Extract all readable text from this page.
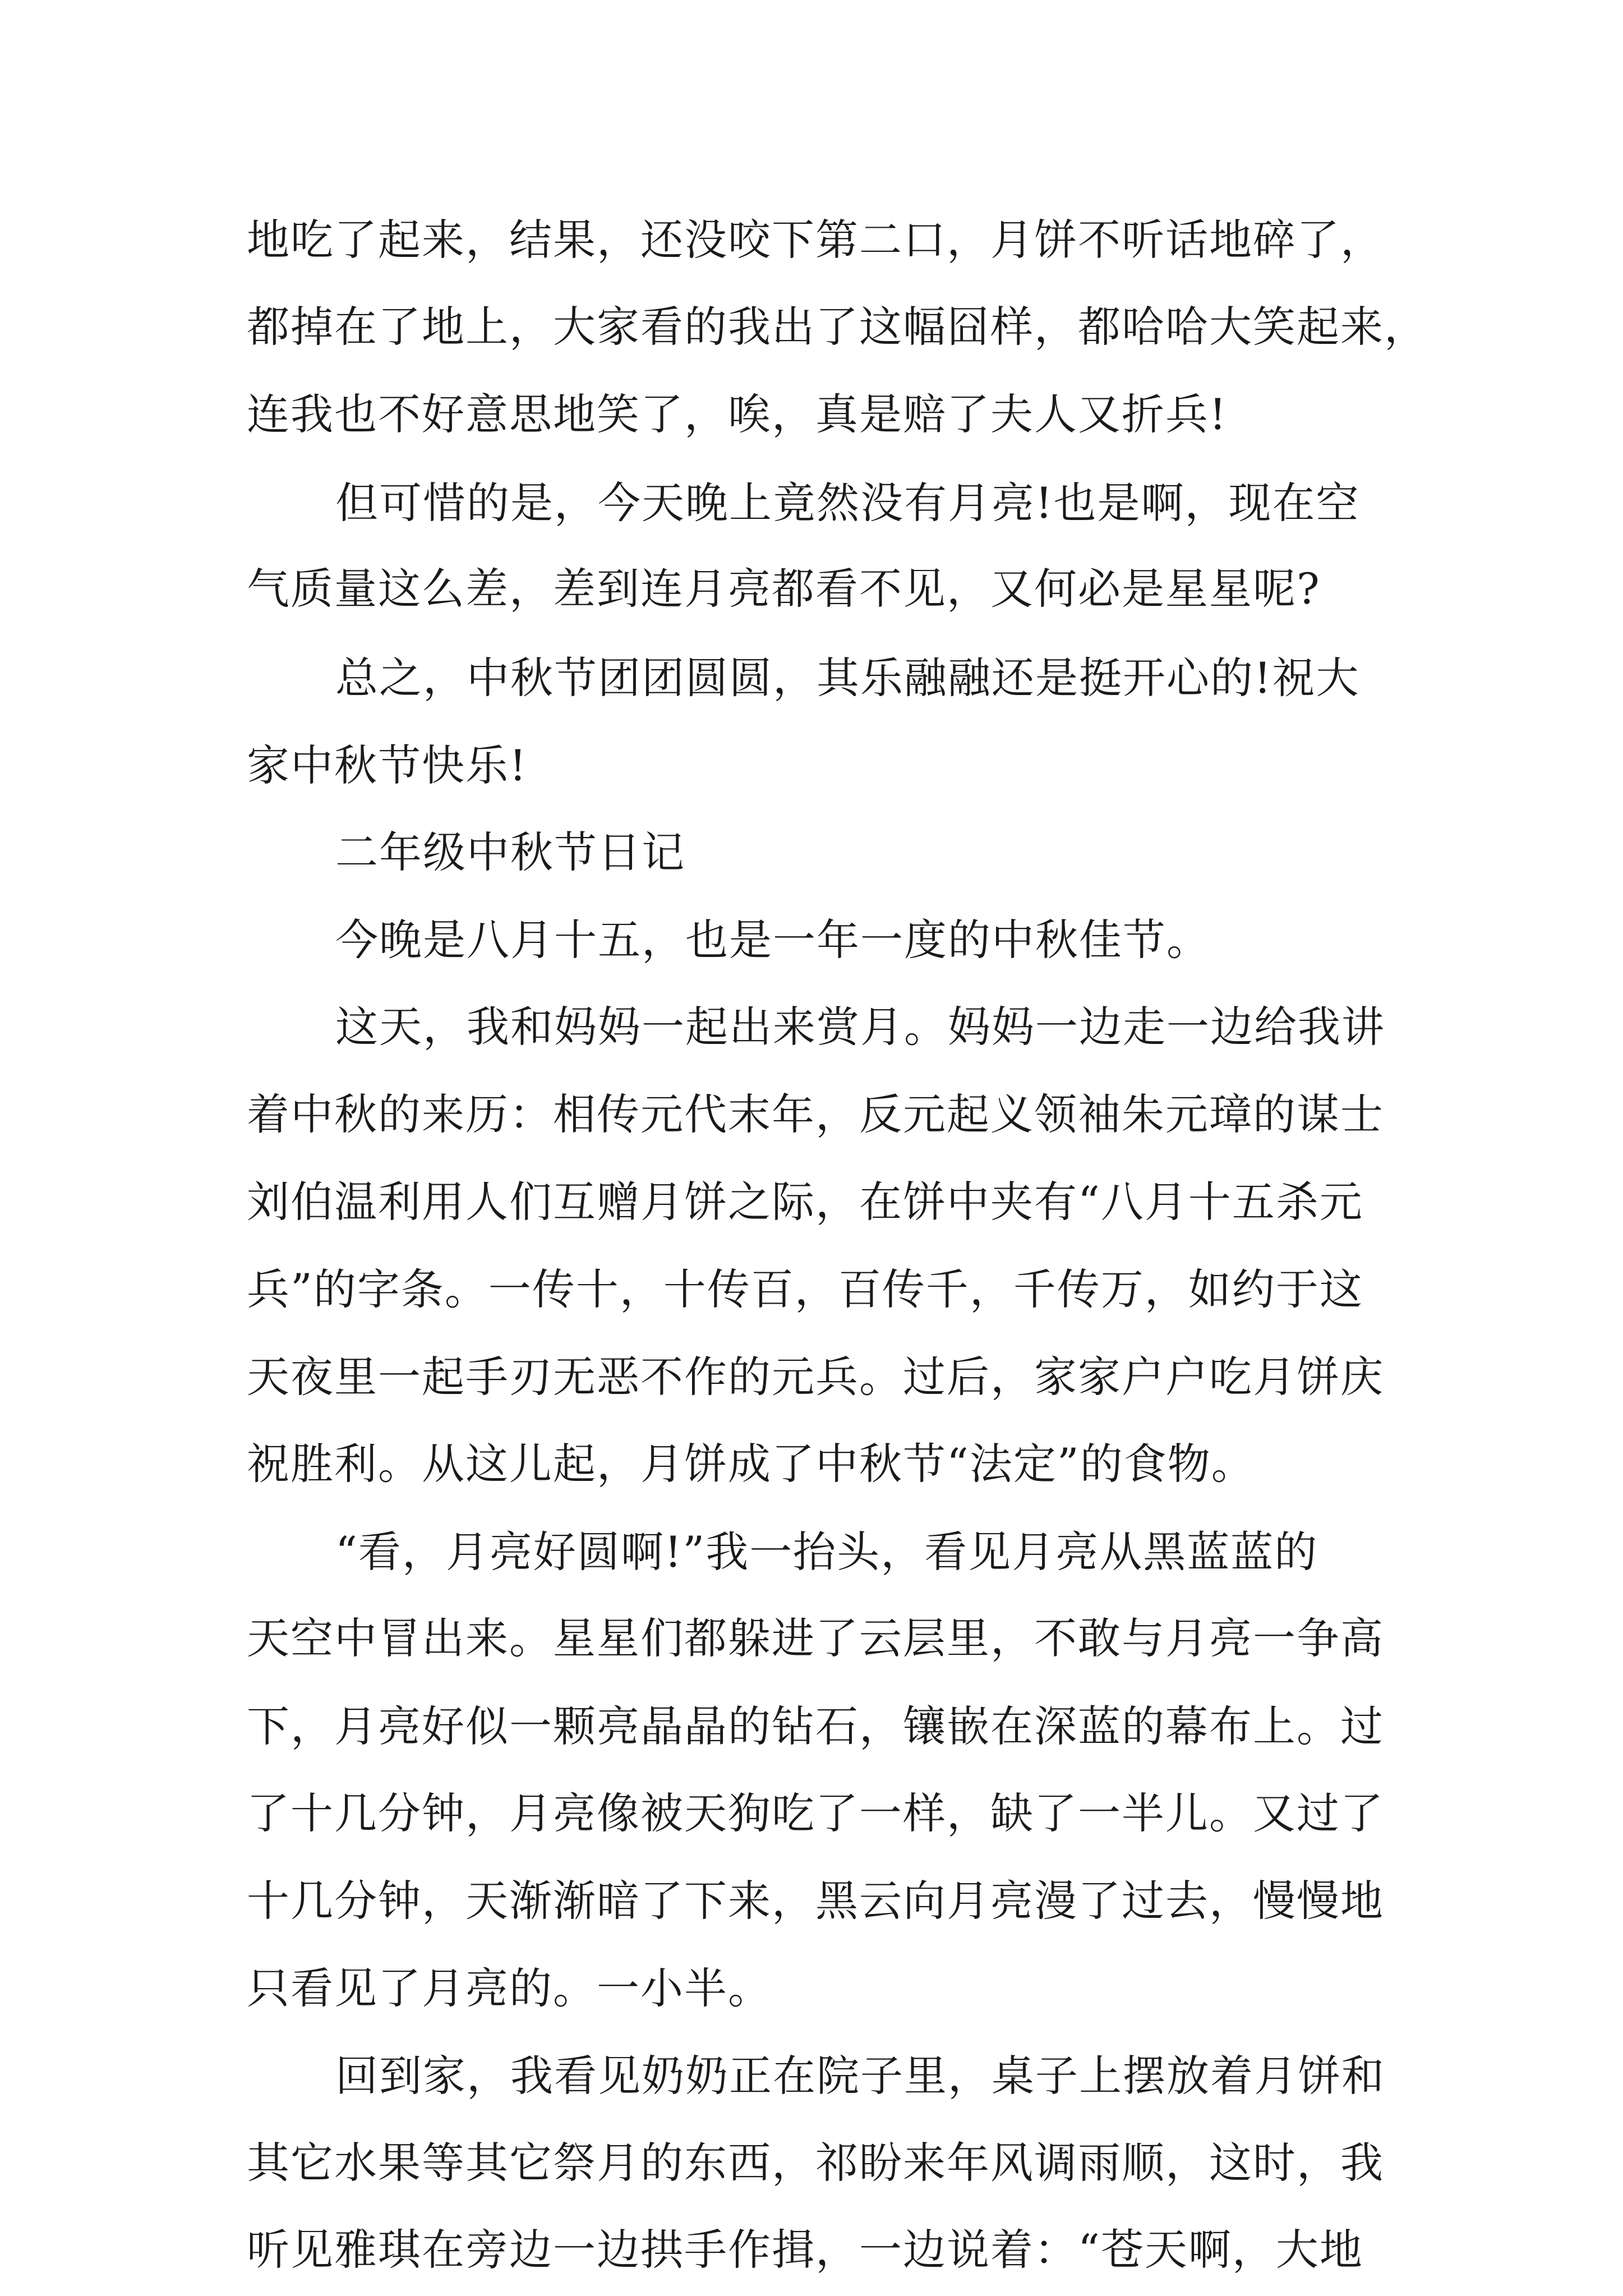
地吃了起来，结果，还没咬下第二口，月饼不听话地碎了，
都掉在了地上，大家看的我出了这幅囧样，都哈哈大笑起来，
连我也不好意思地笑了，唉，真是赔了夫人又折兵!
但可惜的是，今天晚上竟然没有月亮!也是啊，现在空
气质量这么差，差到连月亮都看不见，又何必是星星呢?
总之，中秋节团团圆圆，其乐融融还是挺开心的!祝大
家中秋节快乐!
二年级中秋节日记
今晚是八月十五，也是一年一度的中秋佳节。
这天，我和妈妈一起出来赏月。妈妈一边走一边给我讲
着中秋的来历：相传元代末年，反元起义领袖朱元璋的谋士
刘伯温利用人们互赠月饼之际，在饼中夹有“八月十五杀元
兵”的字条。一传十，十传百，百传千，千传万，如约于这
天夜里一起手刃无恶不作的元兵。过后，家家户户吃月饼庆
祝胜利。从这儿起，月饼成了中秋节“法定”的食物。
“看，月亮好圆啊!”我一抬头，看见月亮从黑蓝蓝的
天空中冒出来。星星们都躲进了云层里，不敢与月亮一争高
下，月亮好似一颗亮晶晶的钻石，镶嵌在深蓝的幕布上。过
了十几分钟，月亮像被天狗吃了一样，缺了一半儿。又过了
十几分钟，天渐渐暗了下来，黑云向月亮漫了过去，慢慢地
只看见了月亮的。一小半。
回到家，我看见奶奶正在院子里，桌子上摆放着月饼和
其它水果等其它祭月的东西，祁盼来年风调雨顺，这时，我
听见雅琪在旁边一边拱手作揖，一边说着：“苍天啊，大地
